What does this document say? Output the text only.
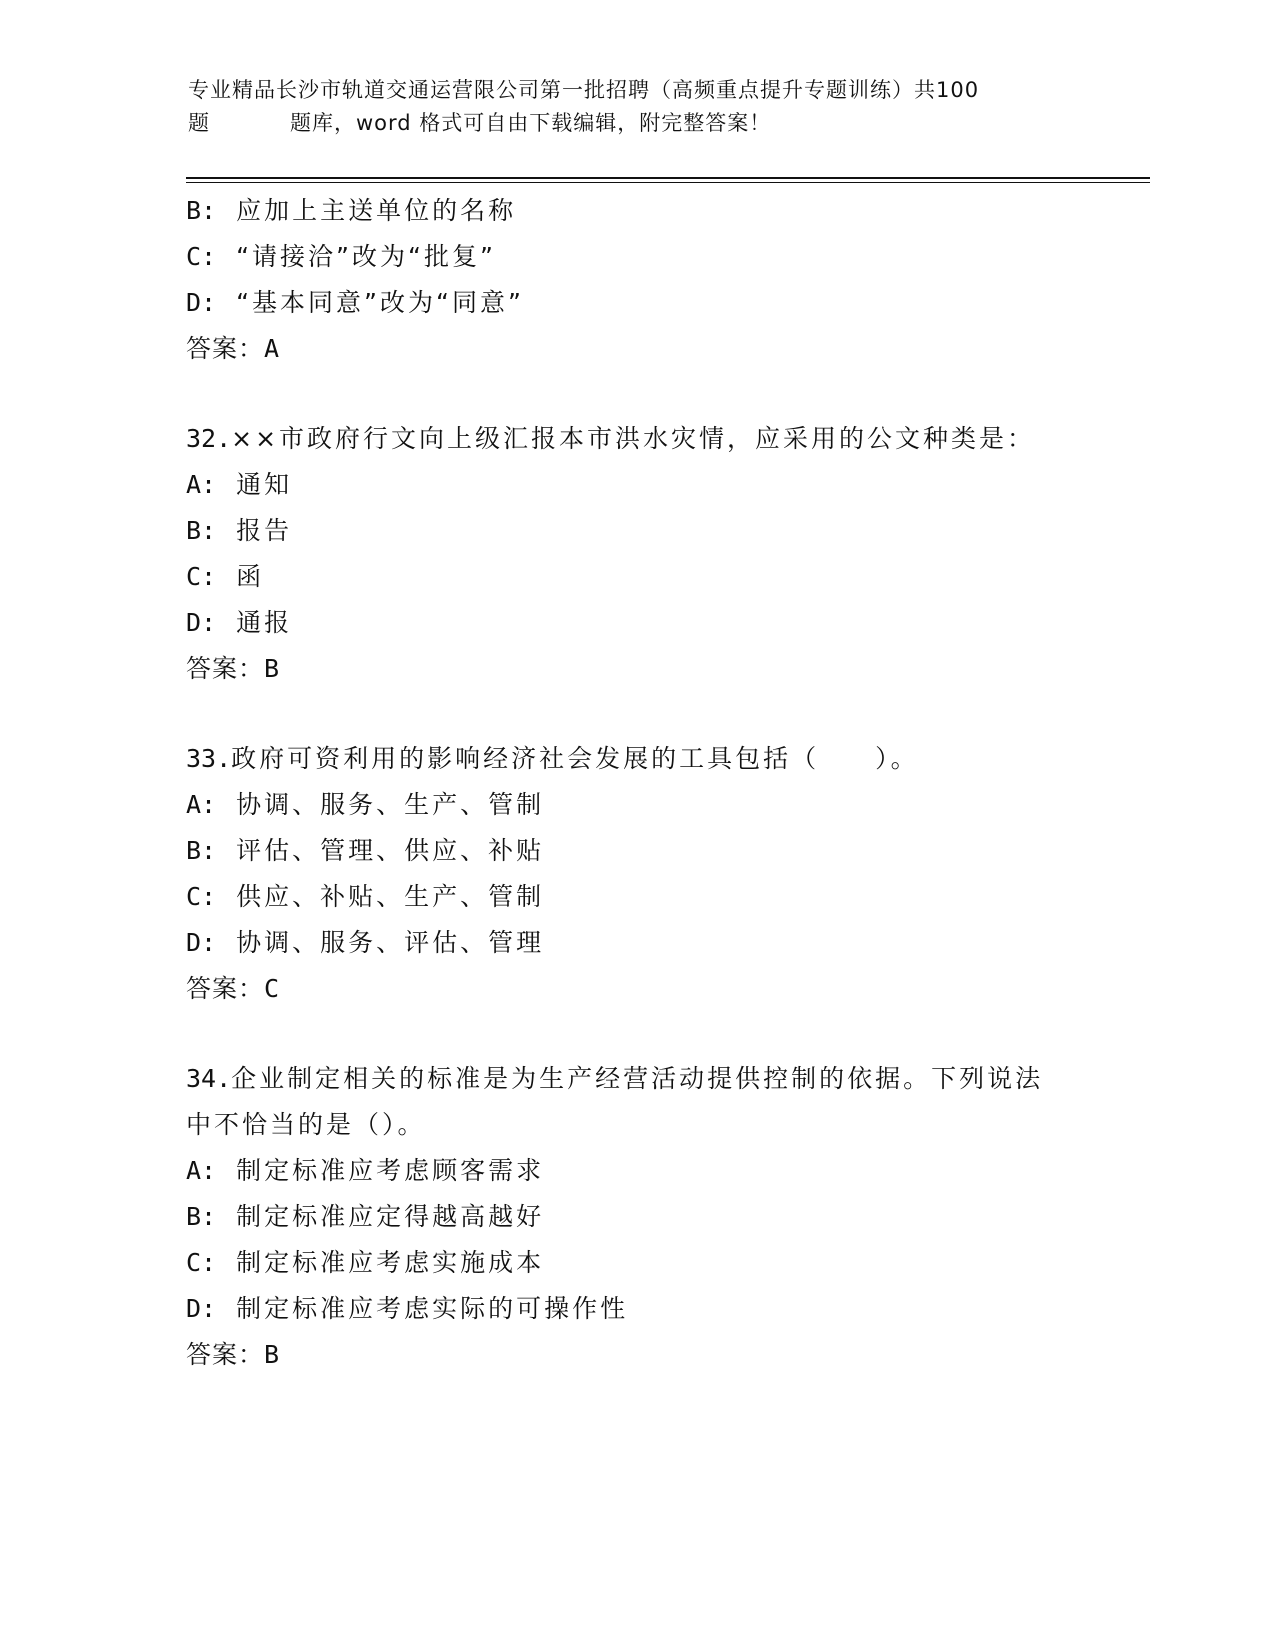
专业精品长沙市轨道交通运营限公司第一批招聘（高频重点提升专题训练）共100
题	题库，word 格式可自由下载编辑，附完整答案！
B: 应加上主送单位的名称
C: “请接洽”改为“批复”
D: “基本同意”改为“同意”
答案：A
32.××市政府行文向上级汇报本市洪水灾情，应采用的公文种类是：
A: 通知
B: 报告
C: 函
D: 通报
答案：B
33.政府可资利用的影响经济社会发展的工具包括（　　）。
A: 协调、服务、生产、管制
B: 评估、管理、供应、补贴
C: 供应、补贴、生产、管制
D: 协调、服务、评估、管理
答案：C
34.企业制定相关的标准是为生产经营活动提供控制的依据。下列说法
中不恰当的是（）。
A: 制定标准应考虑顾客需求
B: 制定标准应定得越高越好
C: 制定标准应考虑实施成本
D: 制定标准应考虑实际的可操作性
答案：B
